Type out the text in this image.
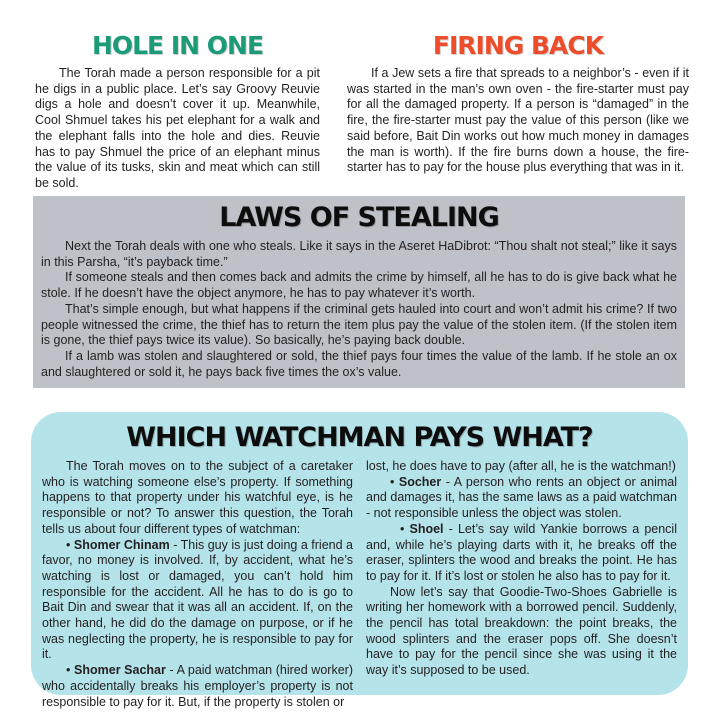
HOLE IN ONE

The Torah made a person responsible for a pit he digs in a public place. Let’s say Groovy Reuvie digs a hole and doesn’t cover it up. Meanwhile, Cool Shmuel takes his pet elephant for a walk and the elephant falls into the hole and dies. Reuvie has to pay Shmuel the price of an elephant minus the value of its tusks, skin and meat which can still be sold.

FIRING BACK

If a Jew sets a fire that spreads to a neighbor’s - even if it was started in the man’s own oven - the fire-starter must pay for all the damaged property. If a person is “damaged” in the fire, the fire-starter must pay the value of this person (like we said before, Bait Din works out how much money in damages the man is worth). If the fire burns down a house, the fire-starter has to pay for the house plus everything that was in it.

LAWS OF STEALING

Next the Torah deals with one who steals. Like it says in the Aseret HaDibrot: “Thou shalt not steal;” like it says in this Parsha, “it’s payback time.”

If someone steals and then comes back and admits the crime by himself, all he has to do is give back what he stole. If he doesn’t have the object anymore, he has to pay whatever it’s worth.

That’s simple enough, but what happens if the criminal gets hauled into court and won’t admit his crime? If two people witnessed the crime, the thief has to return the item plus pay the value of the stolen item. (If the stolen item is gone, the thief pays twice its value). So basically, he’s paying back double.

If a lamb was stolen and slaughtered or sold, the thief pays four times the value of the lamb. If he stole an ox and slaughtered or sold it, he pays back five times the ox’s value.

WHICH WATCHMAN PAYS WHAT?

The Torah moves on to the subject of a caretaker who is watching someone else’s property. If something happens to that property under his watchful eye, is he responsible or not? To answer this question, the Torah tells us about four different types of watchman:

• Shomer Chinam - This guy is just doing a friend a favor, no money is involved. If, by accident, what he’s watching is lost or damaged, you can’t hold him responsible for the accident. All he has to do is go to Bait Din and swear that it was all an accident. If, on the other hand, he did do the damage on purpose, or if he was neglecting the property, he is responsible to pay for it.

• Shomer Sachar - A paid watchman (hired worker) who accidentally breaks his employer’s property is not responsible to pay for it. But, if the property is stolen or

lost, he does have to pay (after all, he is the watchman!)

• Socher - A person who rents an object or animal and damages it, has the same laws as a paid watchman - not responsible unless the object was stolen.

• Shoel - Let’s say wild Yankie borrows a pencil and, while he’s playing darts with it, he breaks off the eraser, splinters the wood and breaks the point. He has to pay for it. If it’s lost or stolen he also has to pay for it.

Now let’s say that Goodie-Two-Shoes Gabrielle is writing her homework with a borrowed pencil. Suddenly, the pencil has total breakdown: the point breaks, the wood splinters and the eraser pops off. She doesn’t have to pay for the pencil since she was using it the way it’s supposed to be used.
